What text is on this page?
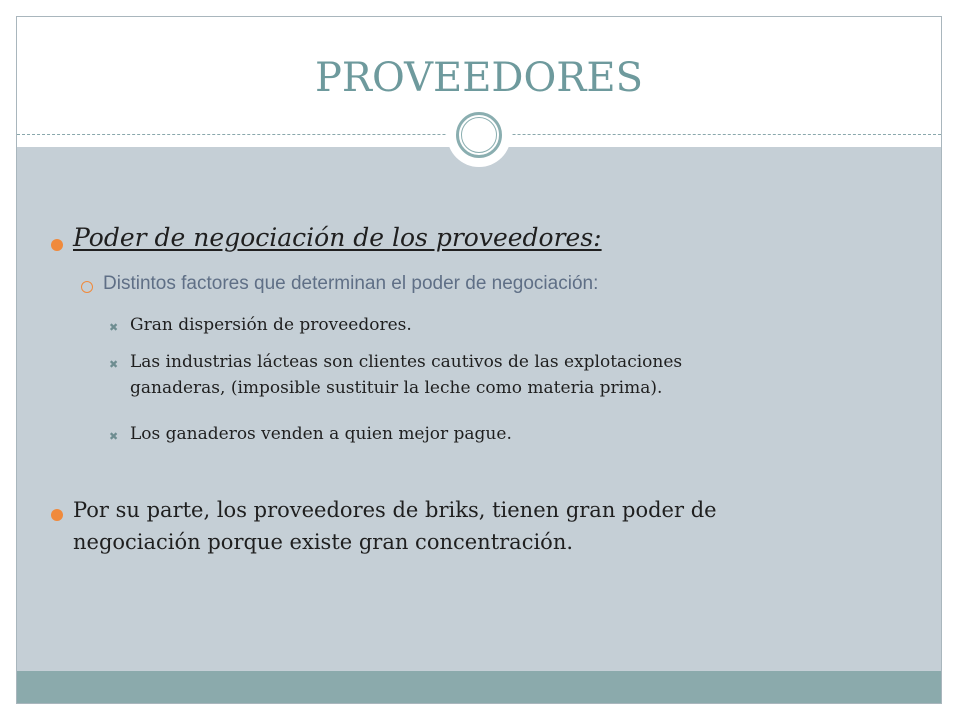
PROVEEDORES
Poder de negociación de los proveedores:
Distintos factores que determinan el poder de negociación:
✖ Gran dispersión de proveedores.
✖ Las industrias lácteas son clientes cautivos de las explotaciones
ganaderas, (imposible sustituir la leche como materia prima).
✖ Los ganaderos venden a quien mejor pague.
Por su parte, los proveedores de briks, tienen gran poder de
negociación porque existe gran concentración.
